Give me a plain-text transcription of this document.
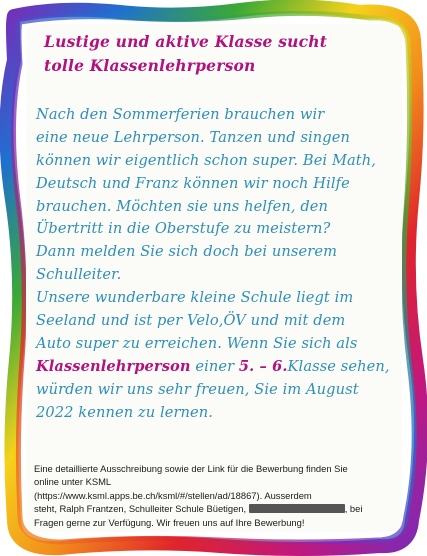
Lustige und aktive Klasse sucht
tolle Klassenlehrperson
Nach den Sommerferien brauchen wir
eine neue Lehrperson. Tanzen und singen
können wir eigentlich schon super. Bei Math,
Deutsch und Franz können wir noch Hilfe
brauchen. Möchten sie uns helfen, den
Übertritt in die Oberstufe zu meistern?
Dann melden Sie sich doch bei unserem
Schulleiter.
Unsere wunderbare kleine Schule liegt im
Seeland und ist per Velo,ÖV und mit dem
Auto super zu erreichen. Wenn Sie sich als
Klassenlehrperson einer 5. – 6.Klasse sehen,
würden wir uns sehr freuen, Sie im August
2022 kennen zu lernen.
Eine detaillierte Ausschreibung sowie der Link für die Bewerbung finden Sie
online unter KSML
(https://www.ksml.apps.be.ch/ksml/#/stellen/ad/18867). Ausserdem
steht, Ralph Frantzen, Schulleiter Schule Büetigen,	, bei
Fragen gerne zur Verfügung. Wir freuen uns auf Ihre Bewerbung!
